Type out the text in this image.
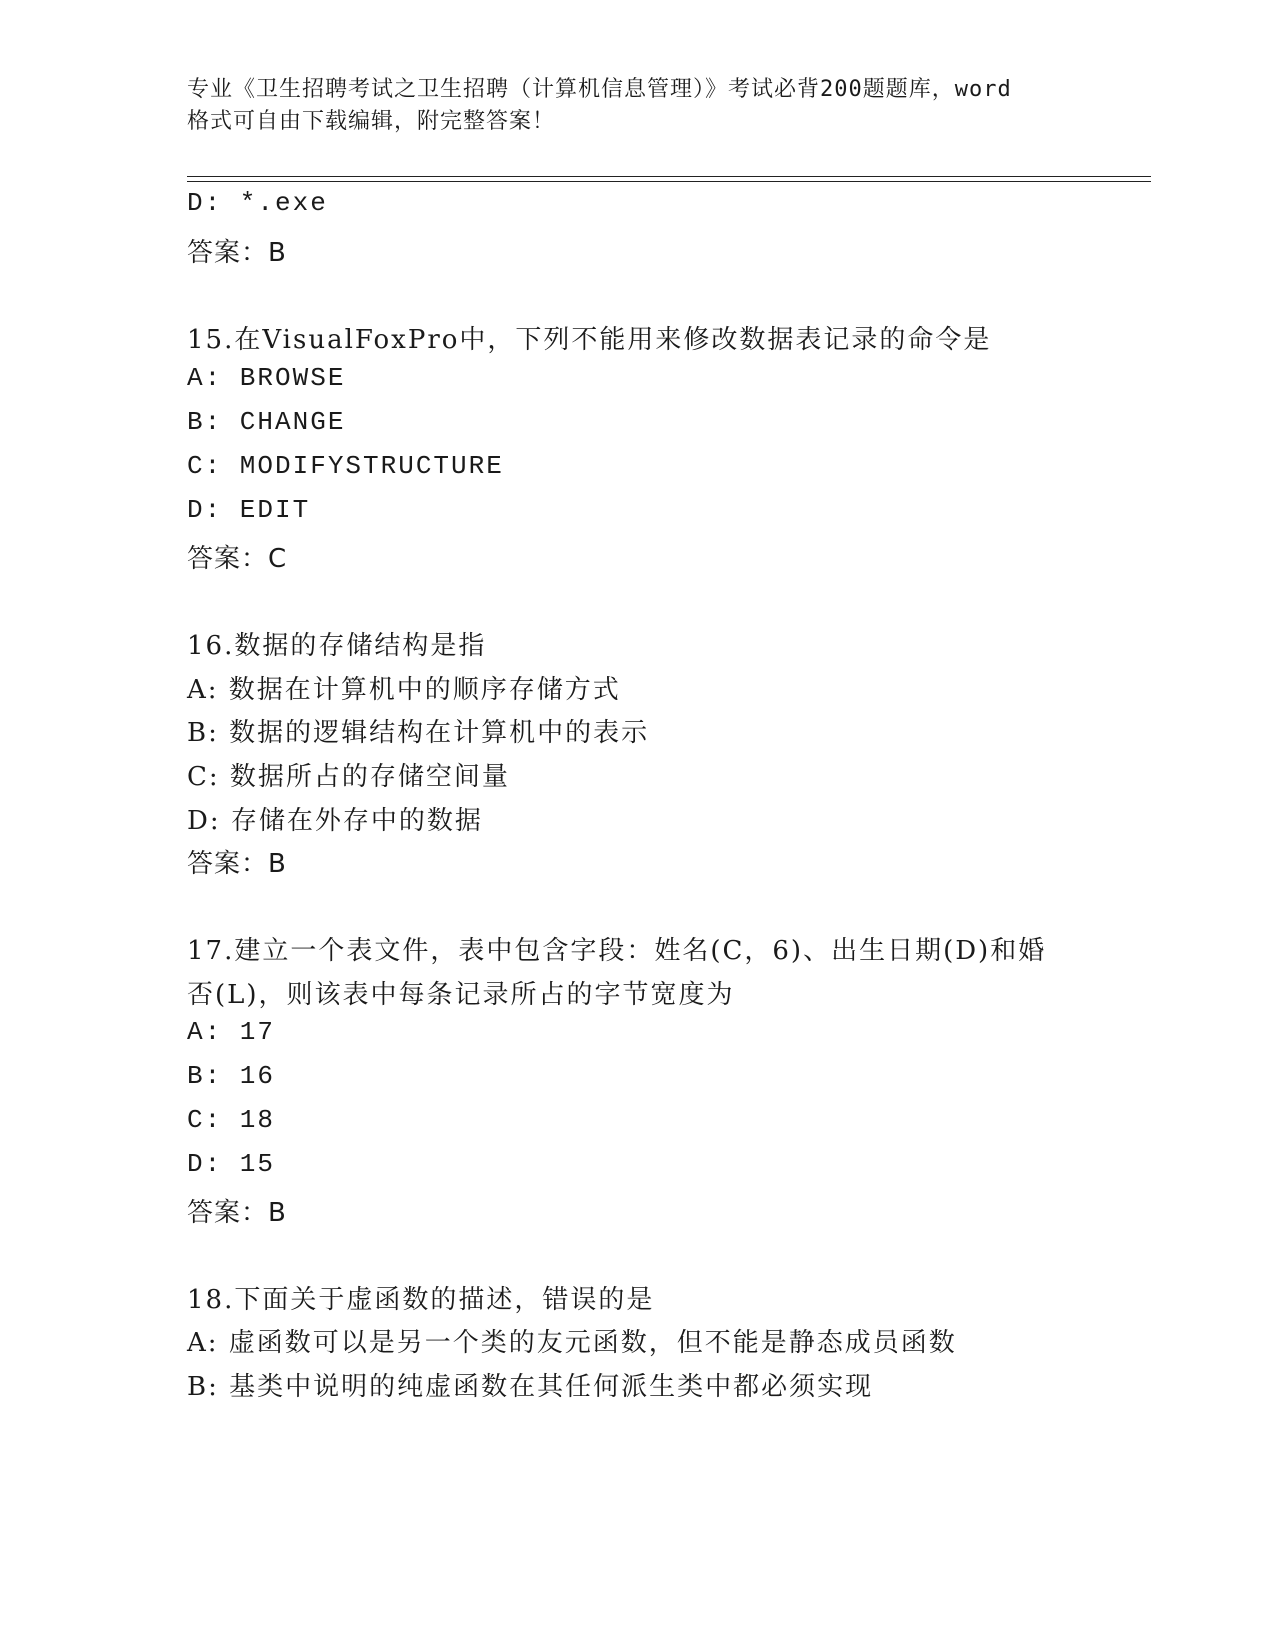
专业《卫生招聘考试之卫生招聘（计算机信息管理）》考试必背200题题库，word
格式可自由下载编辑，附完整答案！
D: *.exe
答案：B
15.在VisualFoxPro中，下列不能用来修改数据表记录的命令是
A: BROWSE
B: CHANGE
C: MODIFYSTRUCTURE
D: EDIT
答案：C
16.数据的存储结构是指
A: 数据在计算机中的顺序存储方式
B: 数据的逻辑结构在计算机中的表示
C: 数据所占的存储空间量
D: 存储在外存中的数据
答案：B
17.建立一个表文件，表中包含字段：姓名(C，6)、出生日期(D)和婚
否(L)，则该表中每条记录所占的字节宽度为
A: 17
B: 16
C: 18
D: 15
答案：B
18.下面关于虚函数的描述，错误的是
A: 虚函数可以是另一个类的友元函数，但不能是静态成员函数
B: 基类中说明的纯虚函数在其任何派生类中都必须实现
